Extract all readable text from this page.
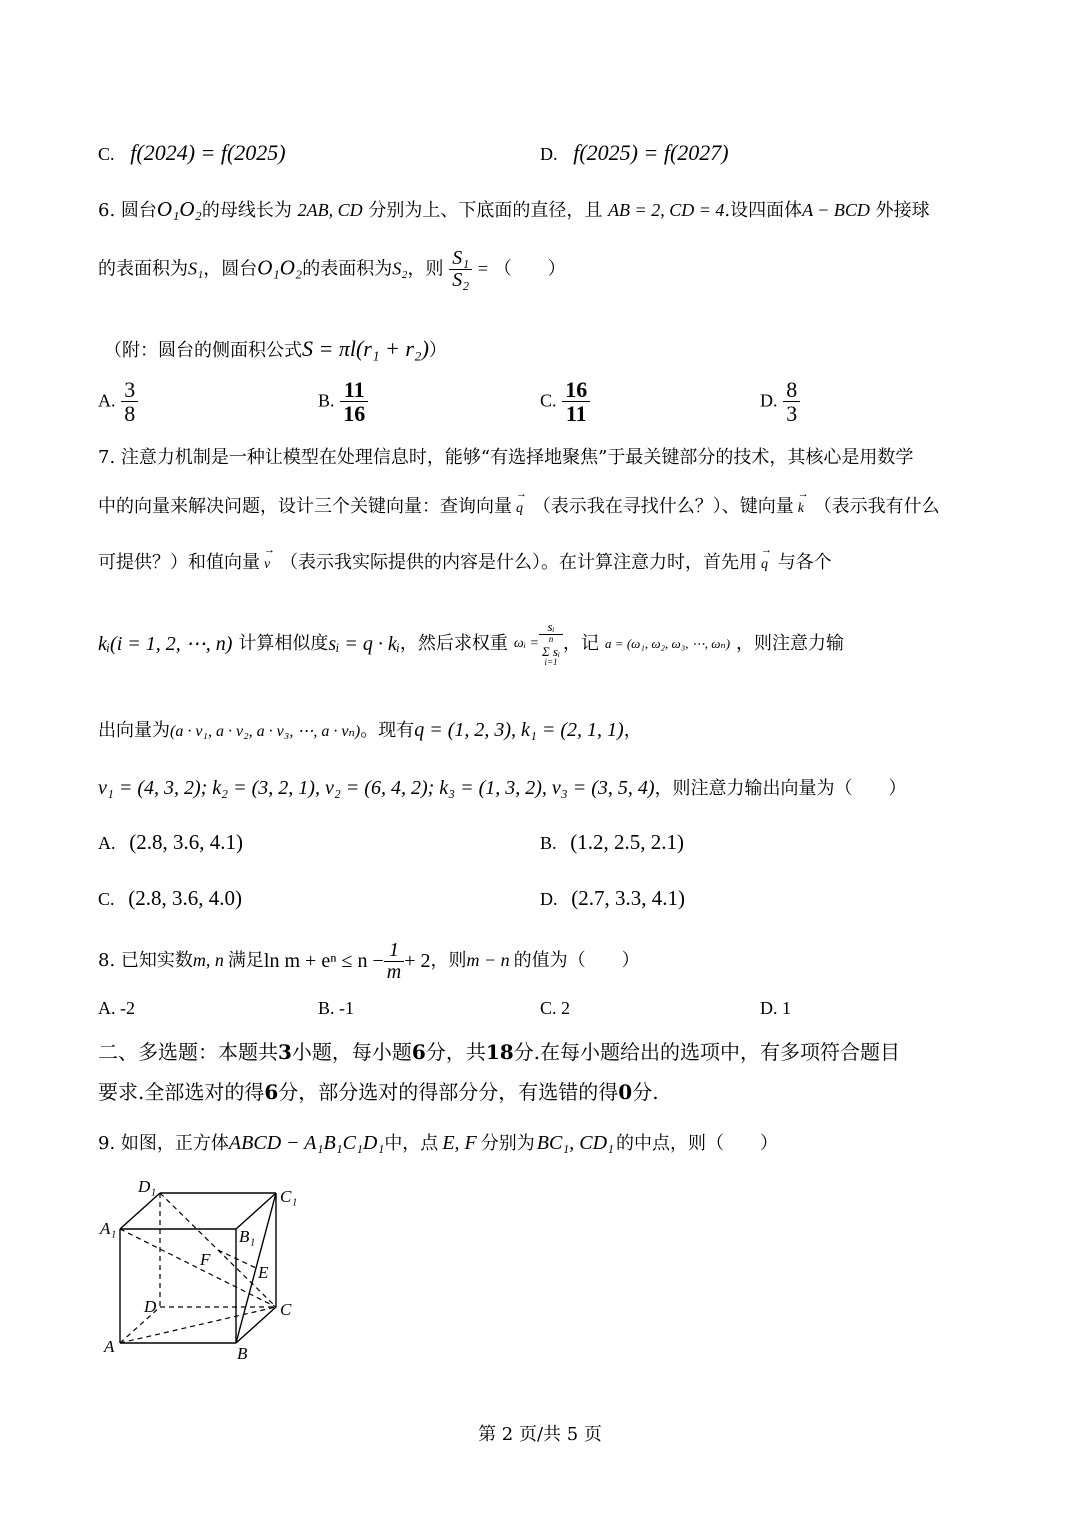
C. f(2024) = f(2025)	D. f(2025) = f(2027)
6. 圆台O₁O₂的母线长为 2AB, CD 分别为上、下底面的直径，且 AB = 2, CD = 4.设四面体A − BCD 外接球
的表面积为S₁，圆台O₁O₂的表面积为S₂，则 $\frac{\text{S₁}}{\text{S₂}}$ = （　　）
（附：圆台的侧面积公式S = πl(r₁ + r₂)）
A. $\frac{3}{8}$	B. $\frac{11}{16}$	C. $\frac{16}{11}$	D. $\frac{8}{3}$
7. 注意力机制是一种让模型在处理信息时，能够“有选择地聚焦”于最关键部分的技术，其核心是用数学
中的向量来解决问题，设计三个关键向量：查询向量 → q （表示我在寻找什么？）、键向量 → k （表示我有什么
可提供？）和值向量 → v （表示我实际提供的内容是什么）。在计算注意力时，首先用 → q 与各个
kᵢ(i = 1, 2, ⋯, n) 计算相似度 sᵢ = q · kᵢ ，然后求权重 ωᵢ = sᵢ
n
Σ sᵢ
i=1 ，记 a = (ω₁, ω₂, ω₃, ⋯, ωₙ) ，则注意力输
出向量为(a · v₁, a · v₂, a · v₃, ⋯, a · vₙ)。现有q = (1, 2, 3), k₁ = (2, 1, 1)，
v₁ = (4, 3, 2); k₂ = (3, 2, 1), v₂ = (6, 4, 2); k₃ = (1, 3, 2), v₃ = (3, 5, 4)，则注意力输出向量为（　　）
A. (2.8, 3.6, 4.1)	B. (1.2, 2.5, 2.1)
C. (2.8, 3.6, 4.0)	D. (2.7, 3.3, 4.1)
8.
已知实数 m, n 满足 $\ln m + e^n \le n - \frac{1}{m} + 2$ ，则 m − n 的值为（　　）
A. -2	B. -1	C. 2	D. 1
二、多选题：本题共3小题，每小题6分，共18分.在每小题给出的选项中，有多项符合题目
要求.全部选对的得6分，部分选对的得部分分，有选错的得0分.
9. 如图，正方体ABCD − A₁B₁C₁D₁中，点 E, F 分别为 BC₁, CD₁ 的中点，则（　　）
D₁
C₁
A₁	B₁
F
E
D	C
A	B
第 2 页/共 5 页
